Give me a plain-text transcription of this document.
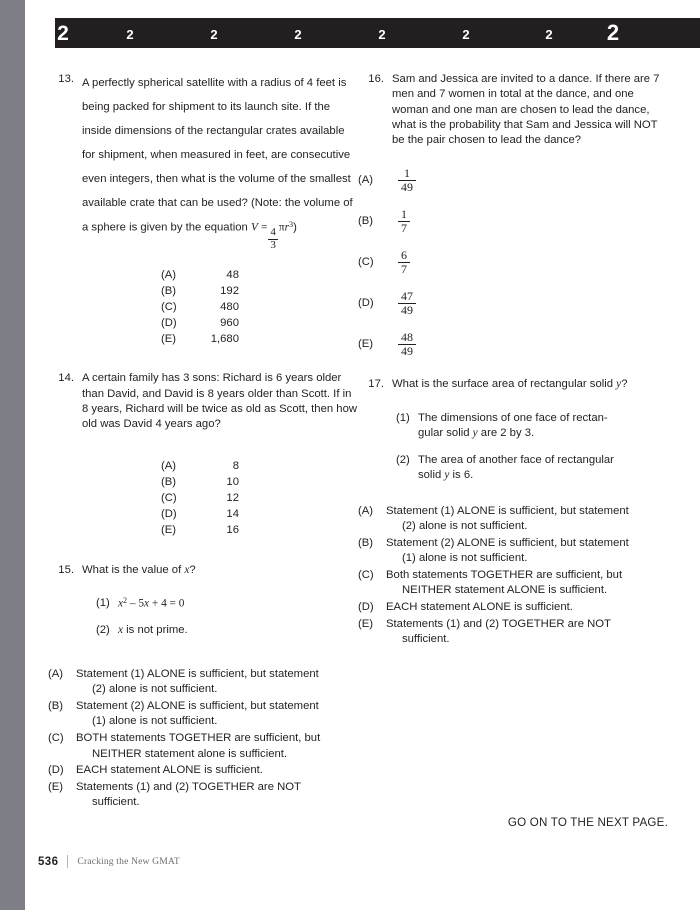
2	2	2	2	2	2	2 2
13. A perfectly spherical satellite with a radius of 4 feet is being packed for shipment to its launch site. If the inside dimensions of the rectangular crates available for shipment, when measured in feet, are consecutive even integers, then what is the volume of the smallest available crate that can be used? (Note: the volume of a sphere is given by the equation V =
$\frac{4}{3}$
$\pi r^3$)

(A)	48
(B)	192
(C)	480
(D)	960
(E)	1,680
14. A certain family has 3 sons: Richard is 6 years older than David, and David is 8 years older than Scott. If in 8 years, Richard will be twice as old as Scott, then how old was David 4 years ago?

(A)	8
(B)	10
(C)	12
(D)	14
(E)	16
15. What is the value of x?

(1) $x^2 - 5x + 4 = 0$
(2) x is not prime.
(A)	Statement (1) ALONE is sufficient, but statement
(2) alone is not sufficient.
(B)	Statement (2) ALONE is sufficient, but statement
(1) alone is not sufficient.
(C)	BOTH statements TOGETHER are sufficient, but
NEITHER statement alone is sufficient.
(D)	EACH statement ALONE is sufficient.
(E)	Statements (1) and (2) TOGETHER are NOT
sufficient.
16. Sam and Jessica are invited to a dance. If there are 7 men and 7 women in total at the dance, and one woman and one man are chosen to lead the dance, what is the probability that Sam and Jessica will NOT be the pair chosen to lead the dance?

(A)
1
49
(B)
1
7
(C)
6
7
(D)
47
49
(E)
48
49
17. What is the surface area of rectangular solid y?

(1) The dimensions of one face of rectan-
gular solid y are 2 by 3.
(2) The area of another face of rectangular
solid y is 6.
(A)	Statement (1) ALONE is sufficient, but statement
(2) alone is not sufficient.
(B)	Statement (2) ALONE is sufficient, but statement
(1) alone is not sufficient.
(C)	Both statements TOGETHER are sufficient, but
NEITHER statement ALONE is sufficient.
(D)	EACH statement ALONE is sufficient.
(E)	Statements (1) and (2) TOGETHER are NOT
sufficient.
GO ON TO THE NEXT PAGE.
536 Cracking the New GMAT
